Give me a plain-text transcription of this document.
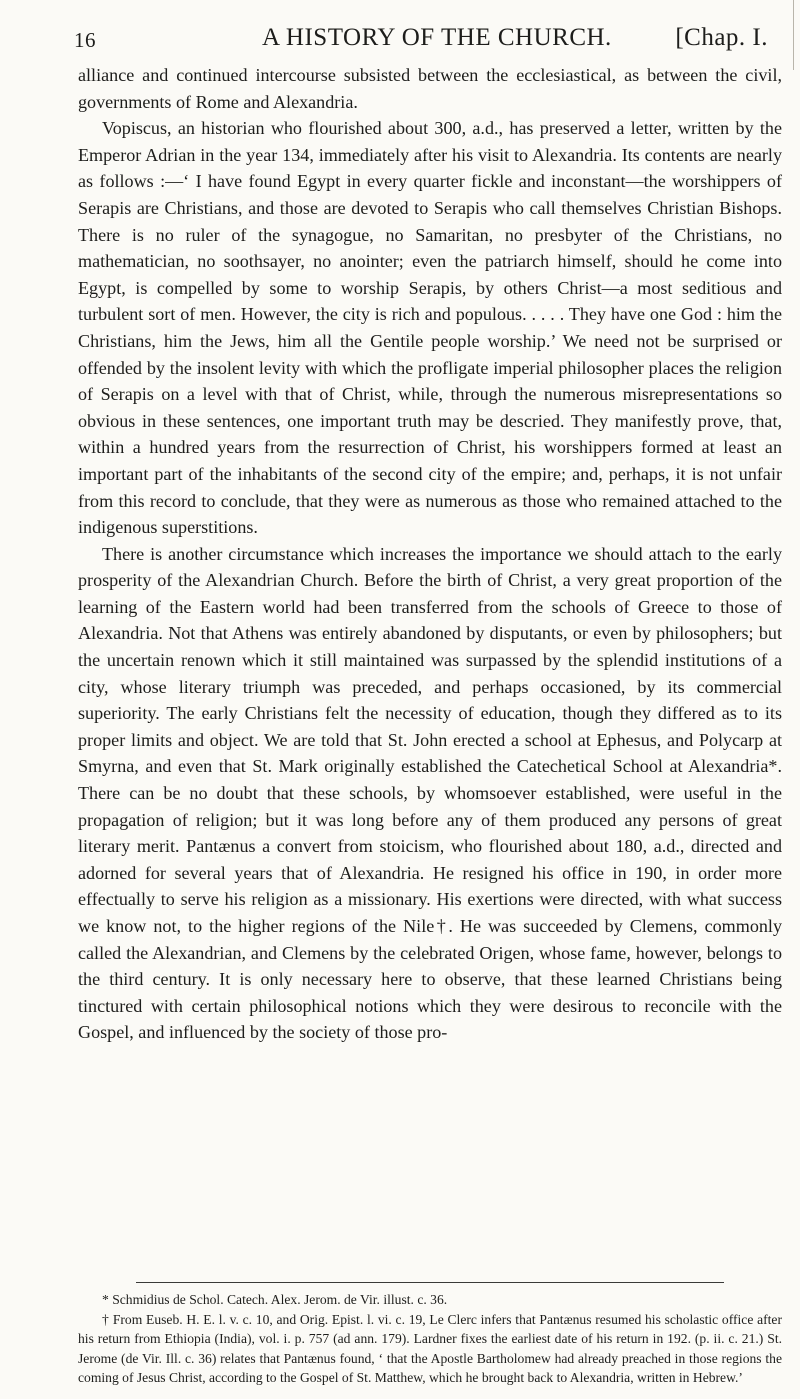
16	A HISTORY OF THE CHURCH.	[Chap. I.

alliance and continued intercourse subsisted between the ecclesiastical, as between the civil, governments of Rome and Alexandria.

Vopiscus, an historian who flourished about 300, a.d., has preserved a letter, written by the Emperor Adrian in the year 134, immediately after his visit to Alexandria. Its contents are nearly as follows :—‘ I have found Egypt in every quarter fickle and inconstant—the worshippers of Serapis are Christians, and those are devoted to Serapis who call themselves Christian Bishops. There is no ruler of the synagogue, no Samaritan, no presbyter of the Christians, no mathematician, no soothsayer, no anointer; even the patriarch himself, should he come into Egypt, is compelled by some to worship Serapis, by others Christ—a most seditious and turbulent sort of men. However, the city is rich and populous. . . . . They have one God : him the Christians, him the Jews, him all the Gentile people worship.’ We need not be surprised or offended by the insolent levity with which the profligate imperial philosopher places the religion of Serapis on a level with that of Christ, while, through the numerous misrepresentations so obvious in these sentences, one important truth may be descried. They manifestly prove, that, within a hundred years from the resurrection of Christ, his worshippers formed at least an important part of the inhabitants of the second city of the empire; and, perhaps, it is not unfair from this record to conclude, that they were as numerous as those who remained attached to the indigenous superstitions.

There is another circumstance which increases the importance we should attach to the early prosperity of the Alexandrian Church. Before the birth of Christ, a very great proportion of the learning of the Eastern world had been transferred from the schools of Greece to those of Alexandria. Not that Athens was entirely abandoned by disputants, or even by philosophers; but the uncertain renown which it still maintained was surpassed by the splendid institutions of a city, whose literary triumph was preceded, and perhaps occasioned, by its commercial superiority. The early Christians felt the necessity of education, though they differed as to its proper limits and object. We are told that St. John erected a school at Ephesus, and Polycarp at Smyrna, and even that St. Mark originally established the Catechetical School at Alexandria*. There can be no doubt that these schools, by whomsoever established, were useful in the propagation of religion; but it was long before any of them produced any persons of great literary merit. Pantænus a convert from stoicism, who flourished about 180, a.d., directed and adorned for several years that of Alexandria. He resigned his office in 190, in order more effectually to serve his religion as a missionary. His exertions were directed, with what success we know not, to the higher regions of the Nile†. He was succeeded by Clemens, commonly called the Alexandrian, and Clemens by the celebrated Origen, whose fame, however, belongs to the third century. It is only necessary here to observe, that these learned Christians being tinctured with certain philosophical notions which they were desirous to reconcile with the Gospel, and influenced by the society of those pro-

* Schmidius de Schol. Catech. Alex. Jerom. de Vir. illust. c. 36.

† From Euseb. H. E. l. v. c. 10, and Orig. Epist. l. vi. c. 19, Le Clerc infers that Pantænus resumed his scholastic office after his return from Ethiopia (India), vol. i. p. 757 (ad ann. 179). Lardner fixes the earliest date of his return in 192. (p. ii. c. 21.) St. Jerome (de Vir. Ill. c. 36) relates that Pantænus found, ‘ that the Apostle Bartholomew had already preached in those regions the coming of Jesus Christ, according to the Gospel of St. Matthew, which he brought back to Alexandria, written in Hebrew.’
